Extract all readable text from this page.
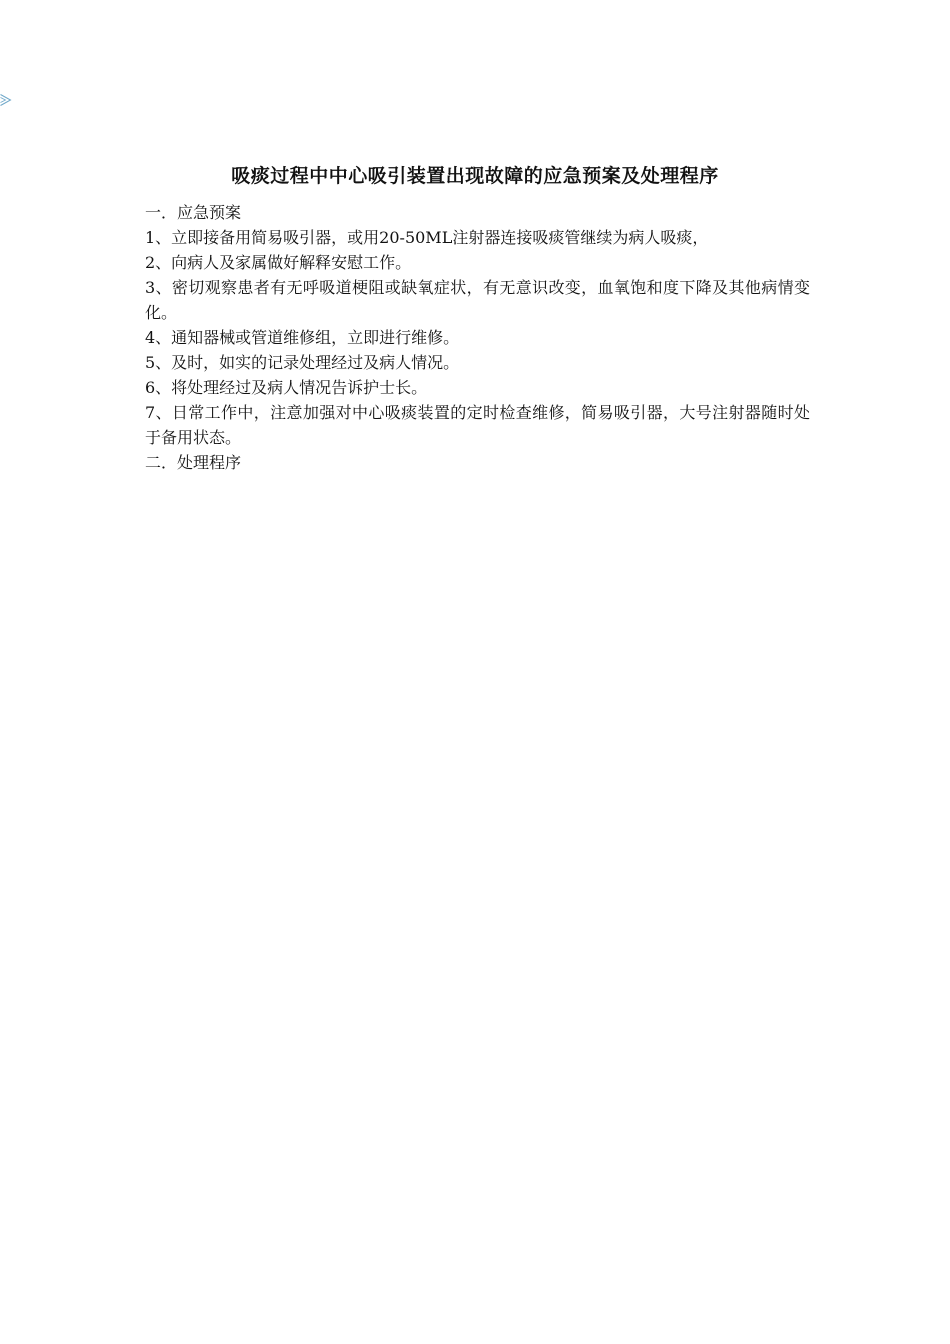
吸痰过程中中心吸引装置出现故障的应急预案及处理程序

一．应急预案

1、立即接备用简易吸引器，或用20-50ML注射器连接吸痰管继续为病人吸痰，

2、向病人及家属做好解释安慰工作。

3、密切观察患者有无呼吸道梗阻或缺氧症状，有无意识改变，血氧饱和度下降及其他病情变化。

4、通知器械或管道维修组，立即进行维修。

5、及时，如实的记录处理经过及病人情况。

6、将处理经过及病人情况告诉护士长。

7、日常工作中，注意加强对中心吸痰装置的定时检查维修，简易吸引器，大号注射器随时处于备用状态。

二．处理程序
